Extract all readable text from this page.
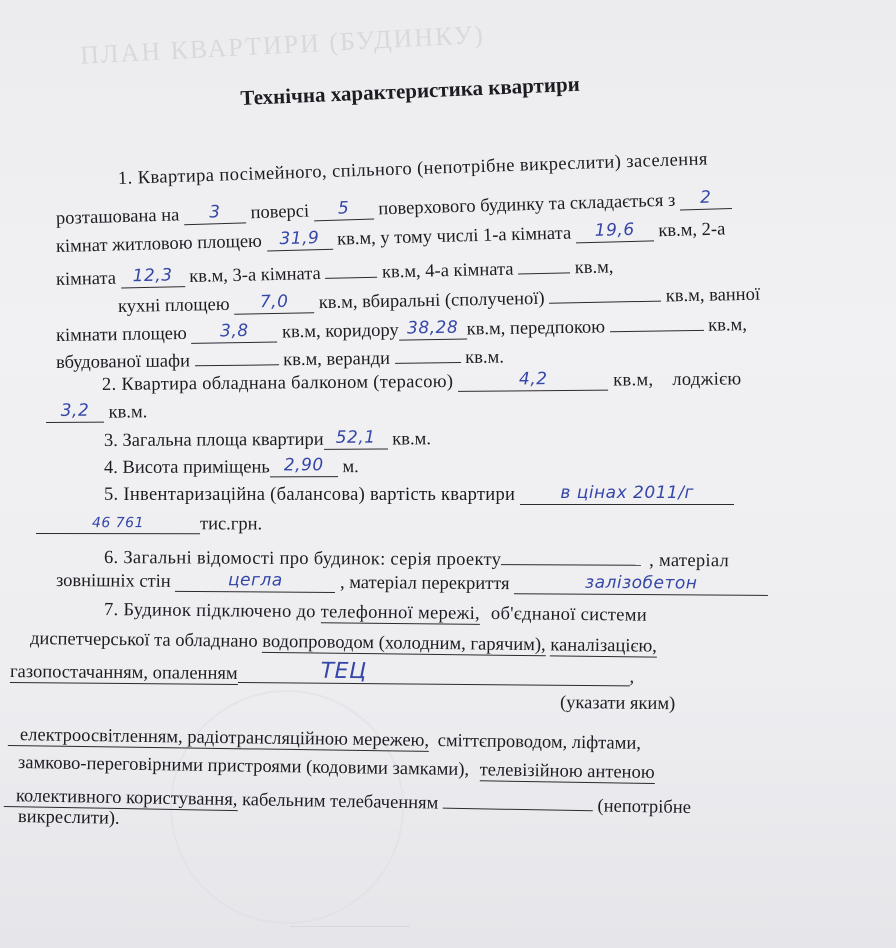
ПЛАН КВАРТИРИ (БУДИНКУ)
Технічна характеристика квартири
1. Квартира посімейного, спільного (непотрібне викреслити) заселення
розташована на 3 поверсі 5 поверхового будинку та складається з 2
кімнат житловою площею 31,9 кв.м, у тому числі 1-а кімната 19,6 кв.м, 2-а
кімната 12,3 кв.м, 3-а кімната	кв.м, 4-а кімната	кв.м,
кухні площею 7,0 кв.м, вбиральні (сполученої)	кв.м, ванної
кімнати площею 3,8 кв.м, коридору 38,28 кв.м, передпокою	кв.м,
вбудованої шафи	кв.м, веранди	кв.м.
2. Квартира обладнана балконом (терасою)	4,2	кв.м, лоджією
3,2 кв.м.
3. Загальна площа квартири 52,1 кв.м.
4. Висота приміщень 2,90 м.
5. Інвентаризаційна (балансова) вартість квартири	в цінах 2011/г
46 761	тис.грн.
6. Загальні відомості про будинок: серія проекту	, матеріал
зовнішніх стін	цегла	, матеріал перекриття	залізобетон
7. Будинок підключено до телефонної мережі, об'єднаної системи
диспетчерської та обладнано водопроводом (холодним, гарячим), каналізацією,
газопостачанням, опаленням	ТЕЦ	,
(указати яким)
електроосвітленням, радіотрансляційною мережею, сміттєпроводом, ліфтами,
замково-переговірними пристроями (кодовими замками), телевізійною антеною
колективного користування, кабельним телебаченням	(непотрібне
викреслити).
